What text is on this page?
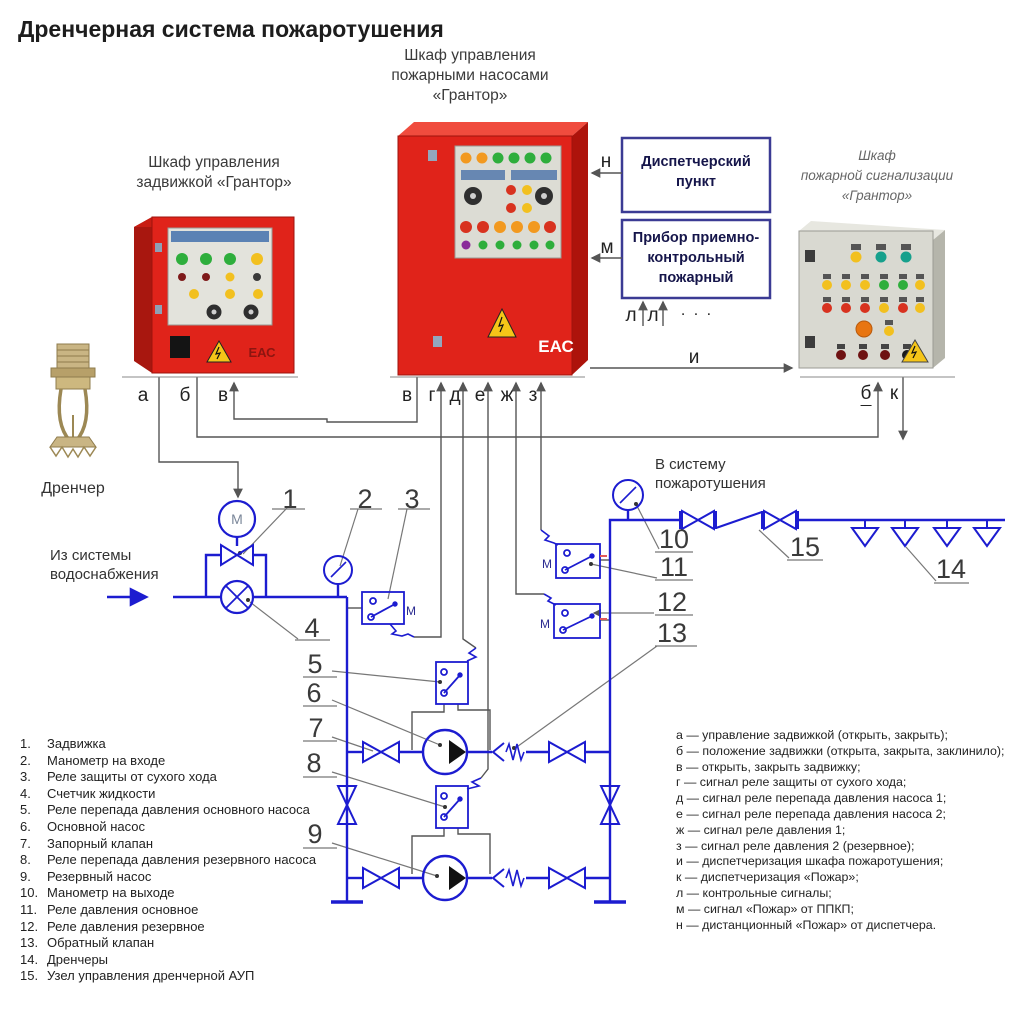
ЕАС	ЕАС
М
М
М
М
Дренчерная система пожаротушения
Шкаф управления
задвижкой «Грантор»
Шкаф управления
пожарными насосами
«Грантор»
Шкаф
пожарной сигнализации
«Грантор»
Диспетчерский
пункт
Прибор приемно-
контрольный
пожарный
Из системы
водоснабжения
В систему
пожаротушения
Дренчер
а б в	в г д е ж з	б к
и
л л . . .
м
н
1 2 3
4
5
6
7
8
9
10
11
12
13
14
15
1.	Задвижка
2.	Манометр на входе
3.	Реле защиты от сухого хода
4.	Счетчик жидкости
5.	Реле перепада давления основного насоса
6.	Основной насос
7.	Запорный клапан
8.	Реле перепада давления резервного насоса
9.	Резервный насос
10. Манометр на выходе
11. Реле давления основное
12. Реле давления резервное
13. Обратный клапан
14. Дренчеры
15. Узел управления дренчерной АУП
а — управление задвижкой (открыть, закрыть);
б — положение задвижки (открыта, закрыта, заклинило);
в — открыть, закрыть задвижку;
г — сигнал реле защиты от сухого хода;
д — сигнал реле перепада давления насоса 1;
е — сигнал реле перепада давления насоса 2;
ж — сигнал реле давления 1;
з — сигнал реле давления 2 (резервное);
и — диспетчеризация шкафа пожаротушения;
к — диспетчеризация «Пожар»;
л — контрольные сигналы;
м — сигнал «Пожар» от ППКП;
н — дистанционный «Пожар» от диспетчера.
